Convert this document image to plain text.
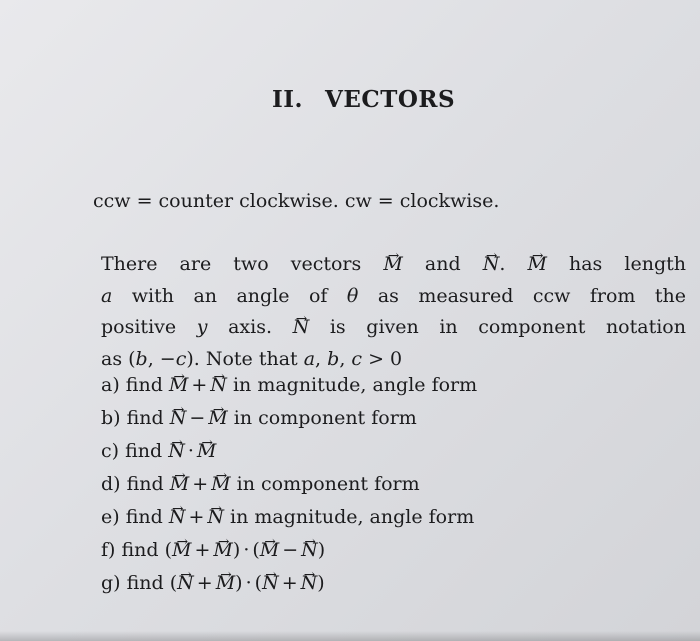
II. VECTORS
ccw = counter clockwise. cw = clockwise.
There are two vectors → M and → N. → M has length
a with an angle of θ as measured ccw from the
positive y axis. → N is given in component notation
as (b, −c). Note that a, b, c > 0
a) find → M + → N in magnitude, angle form
b) find → N − → M in component form
c) find → N · → M
d) find → M + → M in component form
e) find → N + → N in magnitude, angle form
f) find (→ M + → M) · (→ M − → N)
g) find (→ N + → M) · (→ N + → N)
